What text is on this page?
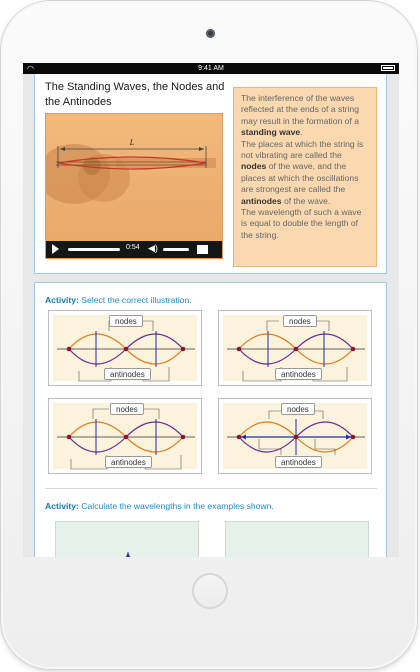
◠	9:41 AM
The Standing Waves, the Nodes and the Antinodes
L
0:54 ◀)
The interference of the waves reflected at the ends of a string may result in the formation of a standing wave.
The places at which the string is not vibrating are called the nodes of the wave, and the places at which the oscillations are strongest are called the antinodes of the wave.
The wavelength of such a wave is equal to double the length of the string.
Activity: Select the correct illustration.
nodes
antinodes
nodes
antinodes
nodes
antinodes
nodes
antinodes
Activity: Calculate the wavelengths in the examples shown.
